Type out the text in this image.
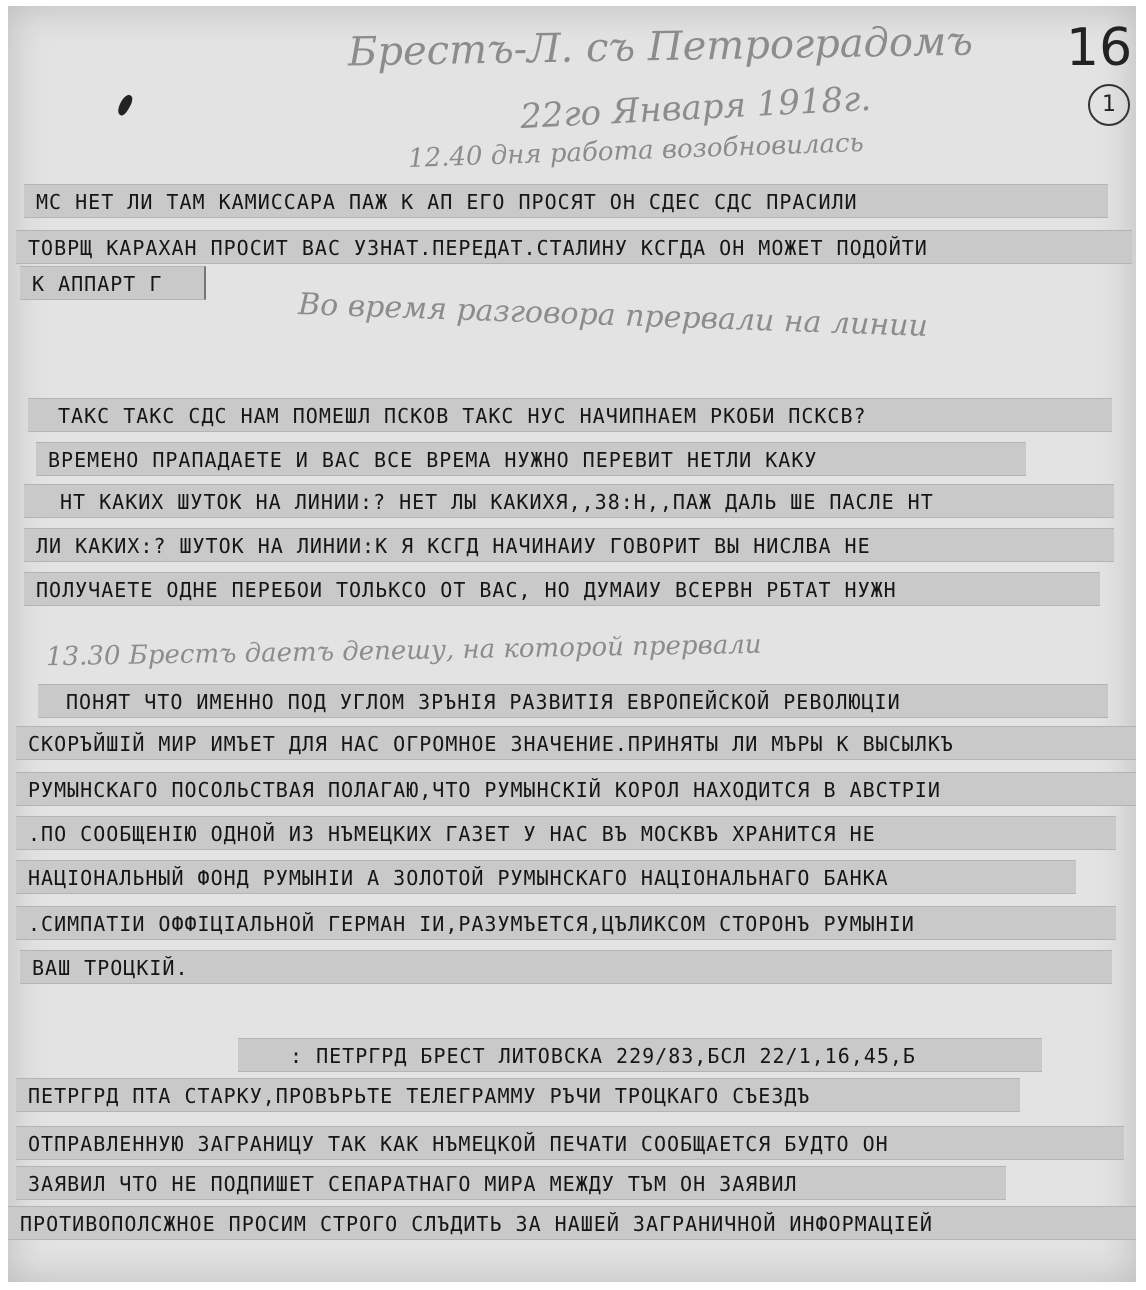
Брестъ-Л. съ Петроградомъ 16
1
22го Января 1918г.
12.40 дня работа возобновилась
МС НЕТ ЛИ ТАМ КАМИССАРА ПАЖ К АП ЕГО ПРОСЯТ ОН СДЕС СДС ПРАСИЛИ
ТОВРЩ КАРАХАН ПРОСИТ ВАС УЗНАТ.ПЕРЕДАТ.СТАЛИНУ КСГДА ОН МОЖЕТ ПОДОЙТИ
К АППАРТ Г
Во время разговора прервали на линии
ТАКС ТАКС СДС НАМ ПОМЕШЛ ПСКОВ ТАКС НУС НАЧИПНАЕМ РКОБИ ПСКСВ?
ВРЕМЕНО ПРАПАДАЕТЕ И ВАС ВСЕ ВРЕМА НУЖНО ПЕРЕВИТ НЕТЛИ КАКУ
НТ КАКИХ ШУТОК НА ЛИНИИ:? НЕТ ЛЫ КАКИХЯ,,38:Н,,ПАЖ ДАЛЬ ШЕ ПАСЛЕ НТ
ЛИ КАКИХ:? ШУТОК НА ЛИНИИ:К Я КСГД НАЧИНАИУ ГОВОРИТ ВЫ НИСЛВА НЕ
ПОЛУЧАЕТЕ ОДНЕ ПЕРЕБОИ ТОЛЬКСО ОТ ВАС, НО ДУМАИУ ВСЕРВН РБТАТ НУЖН
13.30 Брестъ даетъ депешу, на которой прервали
ПОНЯТ ЧТО ИМЕННО ПОД УГЛОМ ЗРЪНIЯ РАЗВИТIЯ ЕВРОПЕЙСКОЙ РЕВОЛЮЦIИ
СКОРЪЙШIЙ МИР ИМЪЕТ ДЛЯ НАС ОГРОМНОЕ ЗНАЧЕНИЕ.ПРИНЯТЫ ЛИ МЪРЫ К ВЫСЫЛКЪ
РУМЫНСКАГО ПОСОЛЬСТВАЯ ПОЛАГАЮ,ЧТО РУМЫНСКIЙ КОРОЛ НАХОДИТСЯ В АВСТРIИ
.ПО СООБЩЕНIЮ ОДНОЙ ИЗ НЪМЕЦКИХ ГАЗЕТ У НАС ВЪ МОСКВЪ ХРАНИТСЯ НЕ
НАЦIОНАЛЬНЫЙ ФОНД РУМЫНIИ А ЗОЛОТОЙ РУМЫНСКАГО НАЦIОНАЛЬНАГО БАНКА
.СИМПАТIИ ОФФIЦIАЛЬНОЙ ГЕРМАН IИ,РАЗУМЪЕТСЯ,ЦЪЛИКСОМ СТОРОНЪ РУМЫНIИ
ВАШ ТРОЦКIЙ.
: ПЕТРГРД БРЕСТ ЛИТОВСКА 229/83,БСЛ 22/1,16,45,Б
ПЕТРГРД ПТА СТАРКУ,ПРОВЪРЬТЕ ТЕЛЕГРАММУ РЪЧИ ТРОЦКАГО СЪЕЗДЪ
ОТПРАВЛЕННУЮ ЗАГРАНИЦУ ТАК КАК НЪМЕЦКОЙ ПЕЧАТИ СООБЩАЕТСЯ БУДТО ОН
ЗАЯВИЛ ЧТО НЕ ПОДПИШЕТ СЕПАРАТНАГО МИРА МЕЖДУ ТЪМ ОН ЗАЯВИЛ
ПРОТИВОПОЛСЖНОЕ ПРОСИМ СТРОГО СЛЪДИТЬ ЗА НАШЕЙ ЗАГРАНИЧНОЙ ИНФОРМАЦIЕЙ
